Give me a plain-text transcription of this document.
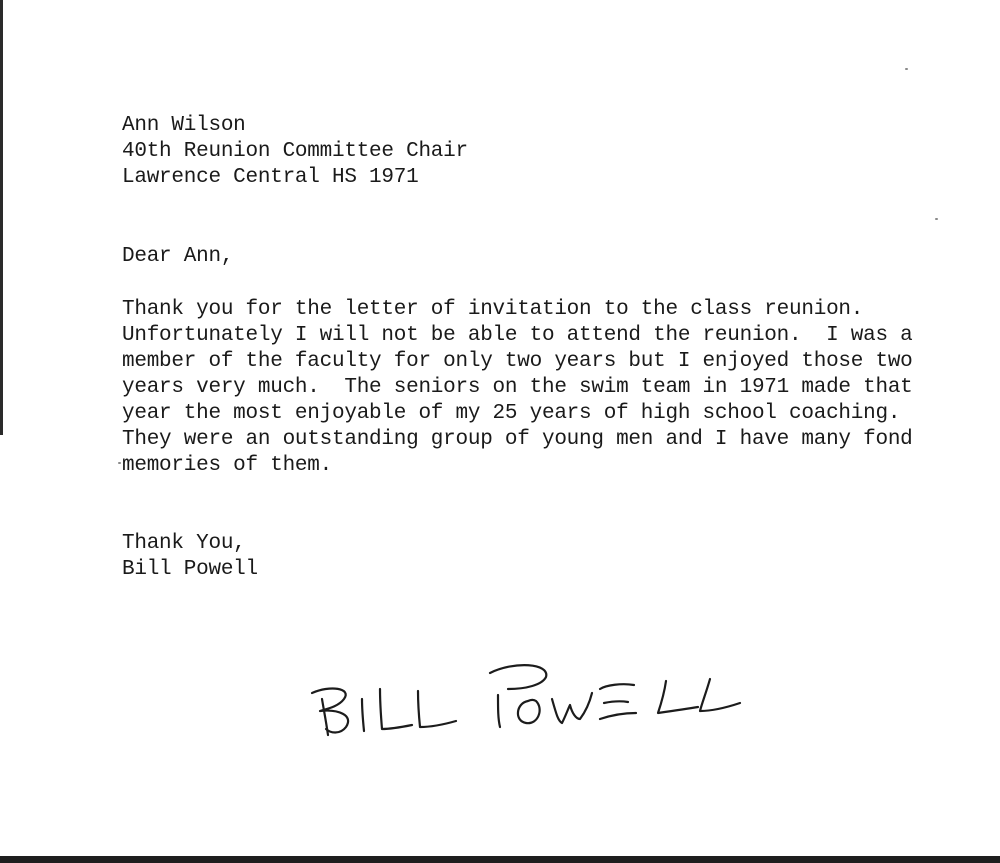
Ann Wilson
40th Reunion Committee Chair
Lawrence Central HS 1971
Dear Ann,
Thank you for the letter of invitation to the class reunion.
Unfortunately I will not be able to attend the reunion.  I was a
member of the faculty for only two years but I enjoyed those two
years very much.  The seniors on the swim team in 1971 made that
year the most enjoyable of my 25 years of high school coaching.
They were an outstanding group of young men and I have many fond
memories of them.
Thank You,
Bill Powell
